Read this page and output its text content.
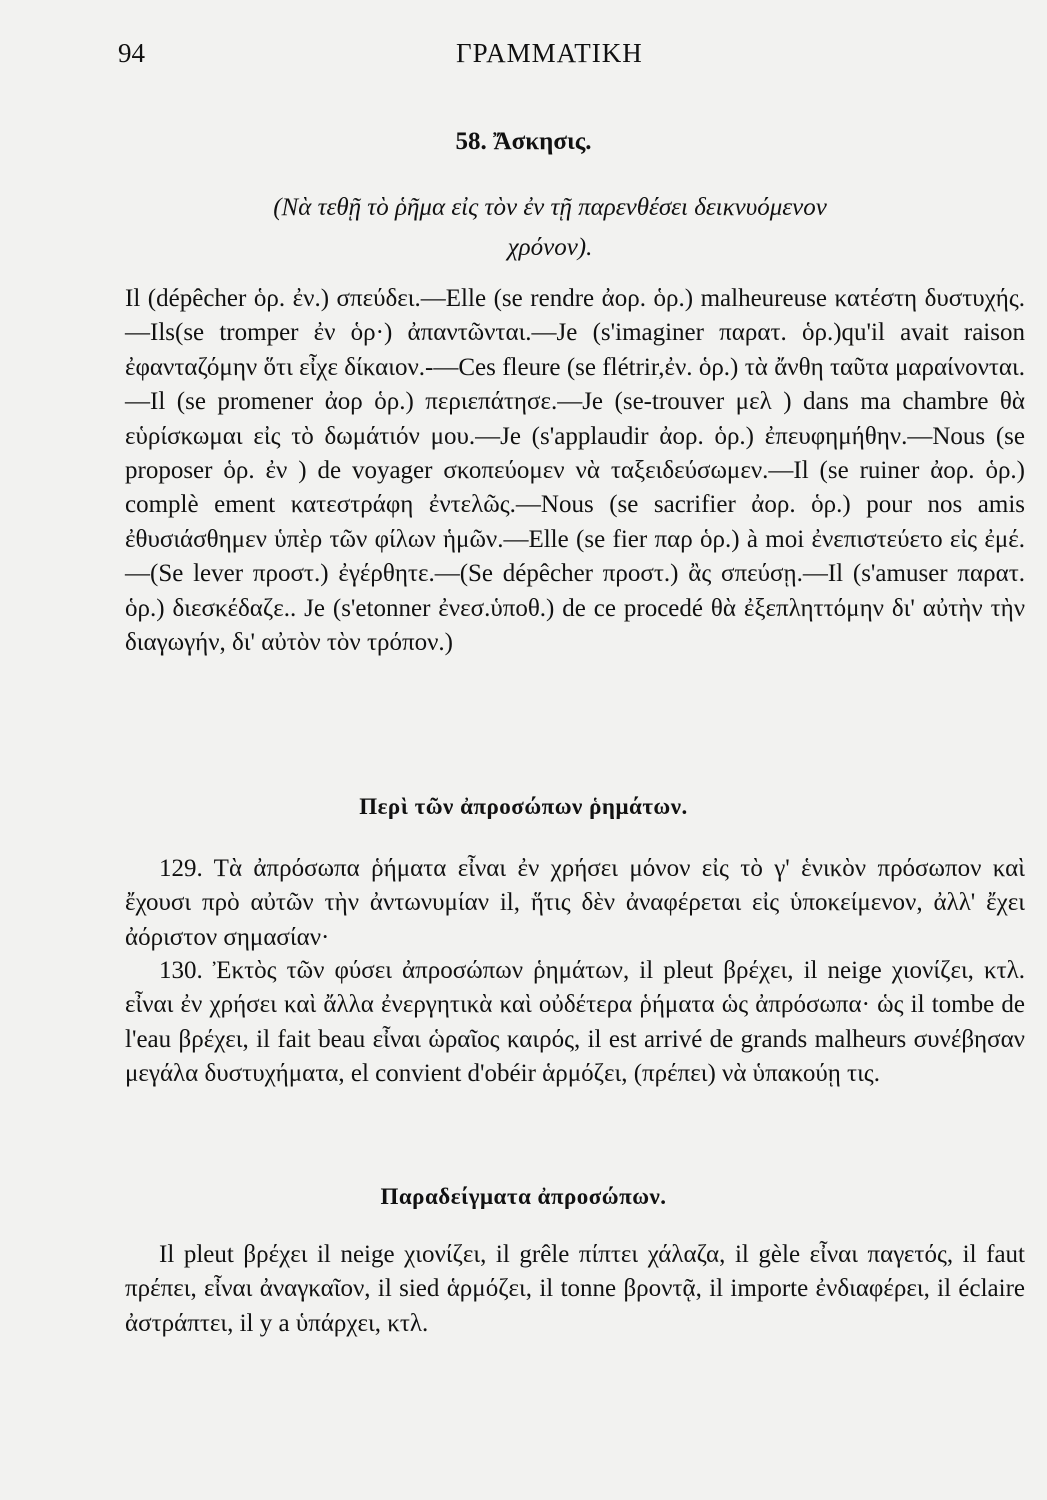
94	ΓΡΑΜΜΑΤΙΚΗ
58. Ἄσκησις.
(Νὰ τεθῇ τὸ ῥῆμα εἰς τὸν ἐν τῇ παρενθέσει δεικνυόμενον χρόνον).

Il (dépêcher ὁρ. ἐν.) σπεύδει.—Elle (se rendre ἀορ. ὁρ.) malheureuse κατέστη δυστυχής.—Ils(se tromper ἐν ὁρ·) ἀπαντῶνται.—Je (s'imaginer παρατ. ὁρ.)qu'il avait raison ἐφανταζόμην ὅτι εἶχε δίκαιον.-—Ces fleure (se flétrir,ἐν. ὁρ.) τὰ ἄνθη ταῦτα μαραίνονται.—Il (se promener ἀορ ὁρ.) περιεπάτησε.—Je (se-trouver μελ ) dans ma chambre θὰ εὑρίσκωμαι εἰς τὸ δωμάτιόν μου.—Je (s'applaudir ἀορ. ὁρ.) ἐπευφημήθην.—Nous (se proposer ὁρ. ἐν ) de voyager σκοπεύομεν νὰ ταξειδεύσωμεν.—Il (se ruiner ἀορ. ὁρ.) complè ement κατεστράφη ἐντελῶς.—Nous (se sacrifier ἀορ. ὁρ.) pour nos amis ἐθυσιάσθημεν ὑπὲρ τῶν φίλων ἡμῶν.—Elle (se fier παρ ὁρ.) à moi ἐνεπιστεύετο εἰς ἐμέ.—(Se lever προστ.) ἐγέρθητε.—(Se dépêcher προστ.) ἂς σπεύσῃ.—Il (s'amuser παρατ. ὁρ.) διεσκέδαζε.. Je (s'etonner ἐνεσ.ὑποθ.) de ce procedé θὰ ἐξεπληττόμην δι' αὐτὴν τὴν διαγωγήν, δι' αὐτὸν τὸν τρόπον.)

Περὶ τῶν ἀπροσώπων ῥημάτων.

129. Τὰ ἀπρόσωπα ῥήματα εἶναι ἐν χρήσει μόνον εἰς τὸ γ' ἑνικὸν πρόσωπον καὶ ἔχουσι πρὸ αὐτῶν τὴν ἀντωνυμίαν il, ἥτις δὲν ἀναφέρεται εἰς ὑποκείμενον, ἀλλ' ἔχει ἀόριστον σημασίαν·

130. Ἐκτὸς τῶν φύσει ἀπροσώπων ῥημάτων, il pleut βρέχει, il neige χιονίζει, κτλ. εἶναι ἐν χρήσει καὶ ἄλλα ἐνεργητικὰ καὶ οὐδέτερα ῥήματα ὡς ἀπρόσωπα· ὡς il tombe de l'eau βρέχει, il fait beau εἶναι ὡραῖος καιρός, il est arrivé de grands malheurs συνέβησαν μεγάλα δυστυχήματα, el convient d'obéir ἁρμόζει, (πρέπει) νὰ ὑπακούῃ τις.

Παραδείγματα ἀπροσώπων.

Il pleut βρέχει il neige χιονίζει, il grêle πίπτει χάλαζα, il gèle εἶναι παγετός, il faut πρέπει, εἶναι ἀναγκαῖον, il sied ἁρμόζει, il tonne βροντᾷ, il importe ἐνδιαφέρει, il éclaire ἀστράπτει, il y a ὑπάρχει, κτλ.
